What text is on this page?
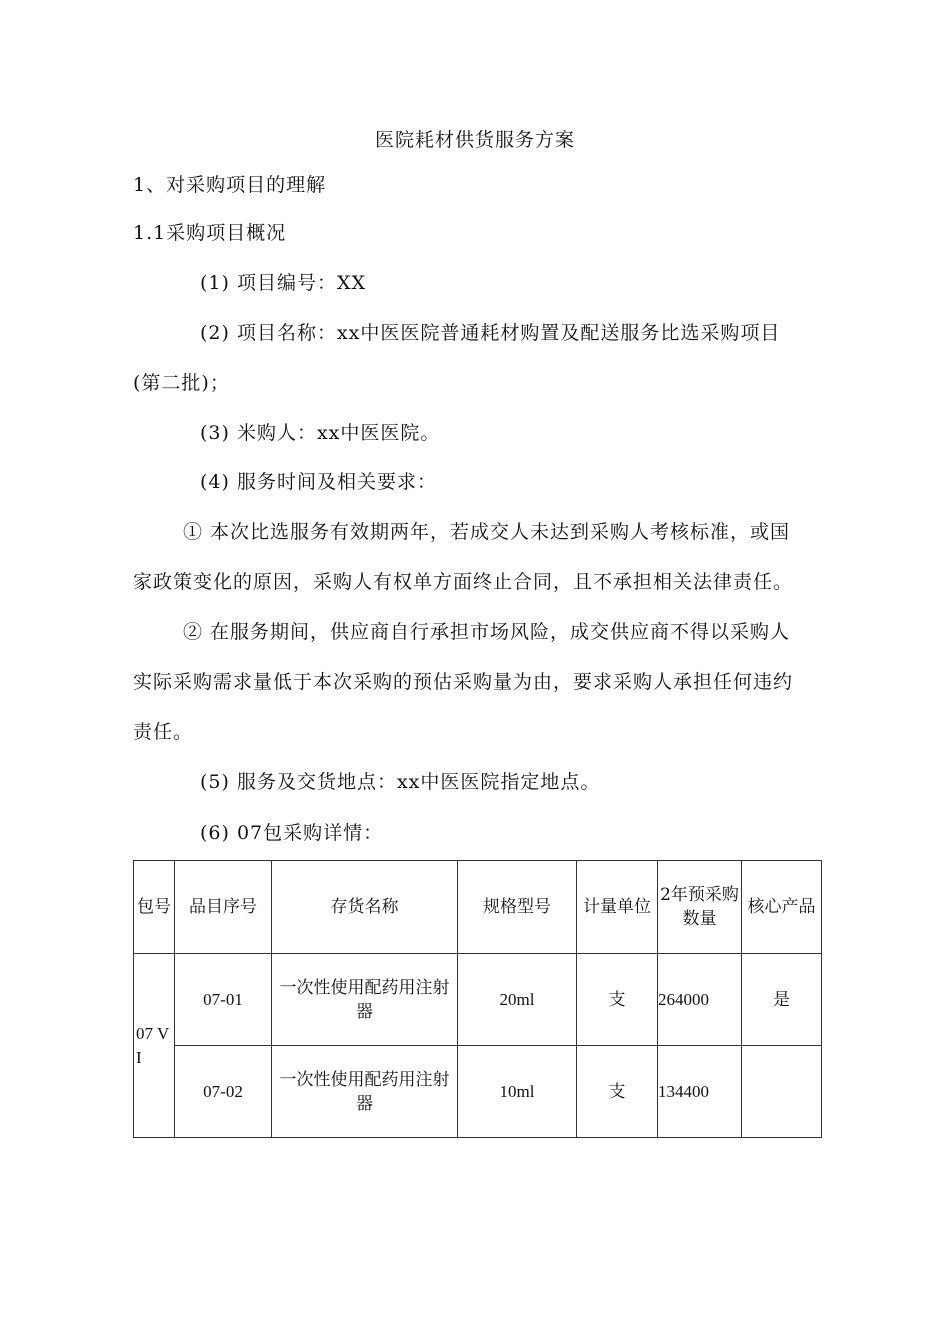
医院耗材供货服务方案
1、对采购项目的理解
1.1采购项目概况
(1) 项目编号：XX
(2) 项目名称：xx中医医院普通耗材购置及配送服务比选采购项目
(第二批)；
(3) 米购人：xx中医医院。
(4) 服务时间及相关要求：
① 本次比选服务有效期两年，若成交人未达到采购人考核标准，或国
家政策变化的原因，采购人有权单方面终止合同，且不承担相关法律责任。
② 在服务期间，供应商自行承担市场风险，成交供应商不得以采购人
实际采购需求量低于本次采购的预估采购量为由，要求采购人承担任何违约
责任。
(5) 服务及交货地点：xx中医医院指定地点。
(6) 07包采购详情：
包号	品目序号	存货名称	规格型号	计量单位	2年预采购数量	核心产品
07 VI	07-01	一次性使用配药用注射器	20ml	支	264000	是
	07-02	一次性使用配药用注射器	10ml	支	134400	
